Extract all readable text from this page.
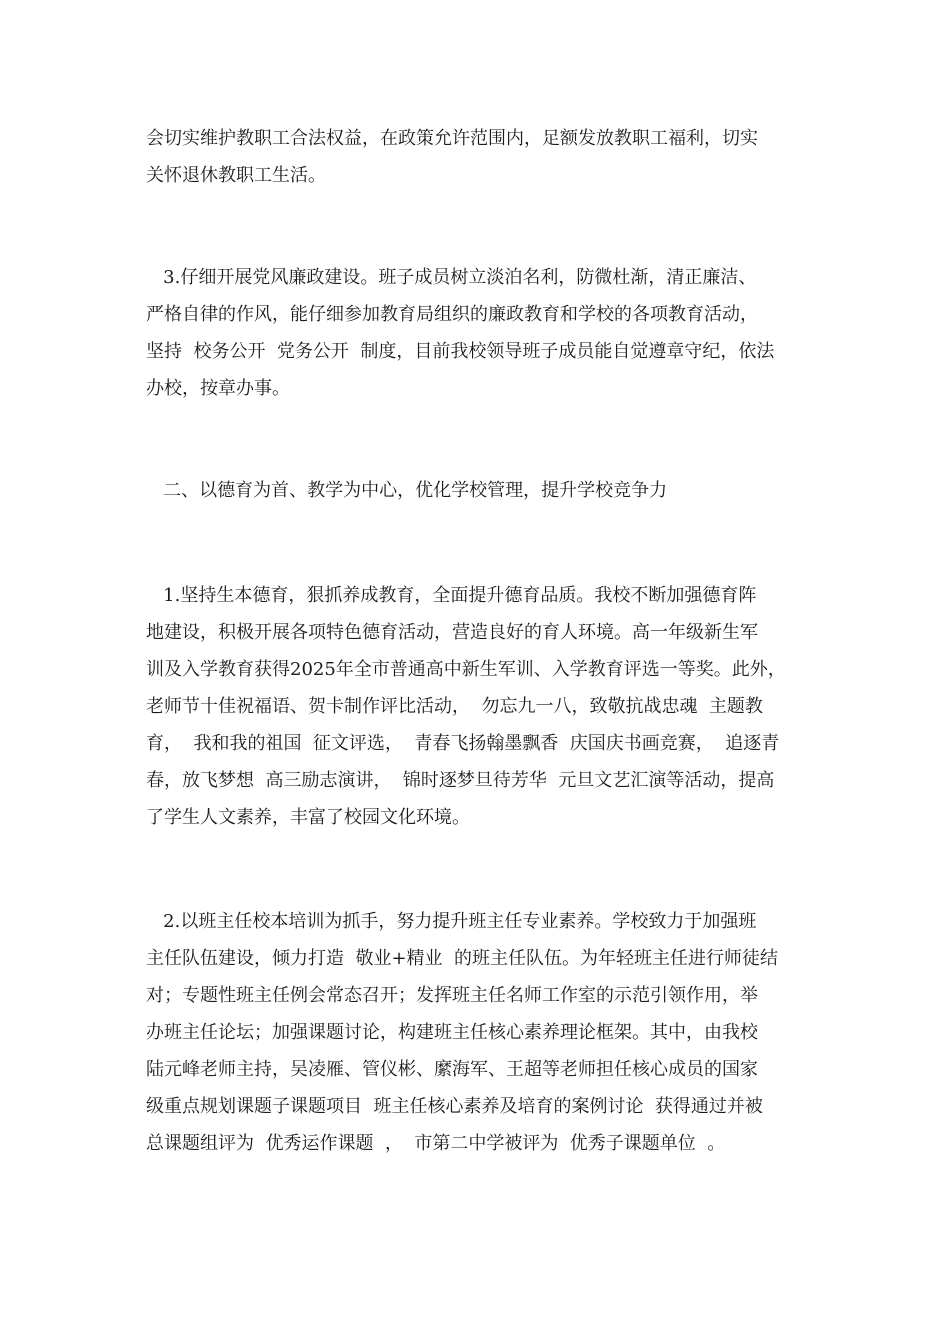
会切实维护教职工合法权益，在政策允许范围内，足额发放教职工福利，切实
关怀退休教职工生活。
3.仔细开展党风廉政建设。班子成员树立淡泊名利，防微杜渐，清正廉洁、
严格自律的作风，能仔细参加教育局组织的廉政教育和学校的各项教育活动，
坚持  校务公开  党务公开  制度，目前我校领导班子成员能自觉遵章守纪，依法
办校，按章办事。
二、以德育为首、教学为中心，优化学校管理，提升学校竞争力
1.坚持生本德育，狠抓养成教育，全面提升德育品质。我校不断加强德育阵
地建设，积极开展各项特色德育活动，营造良好的育人环境。高一年级新生军
训及入学教育获得2025年全市普通高中新生军训、入学教育评选一等奖。此外，
老师节十佳祝福语、贺卡制作评比活动，  勿忘九一八，致敬抗战忠魂  主题教
育，  我和我的祖国  征文评选，  青春飞扬翰墨飘香  庆国庆书画竞赛，  追逐青
春，放飞梦想  高三励志演讲，  锦时逐梦旦待芳华  元旦文艺汇演等活动，提高
了学生人文素养，丰富了校园文化环境。
2.以班主任校本培训为抓手，努力提升班主任专业素养。学校致力于加强班
主任队伍建设，倾力打造  敬业+精业  的班主任队伍。为年轻班主任进行师徒结
对；专题性班主任例会常态召开；发挥班主任名师工作室的示范引领作用，举
办班主任论坛；加强课题讨论，构建班主任核心素养理论框架。其中，由我校
陆元峰老师主持，吴凌雁、管仪彬、縻海军、王超等老师担任核心成员的国家
级重点规划课题子课题项目  班主任核心素养及培育的案例讨论  获得通过并被
总课题组评为  优秀运作课题  ，  市第二中学被评为  优秀子课题单位  。
